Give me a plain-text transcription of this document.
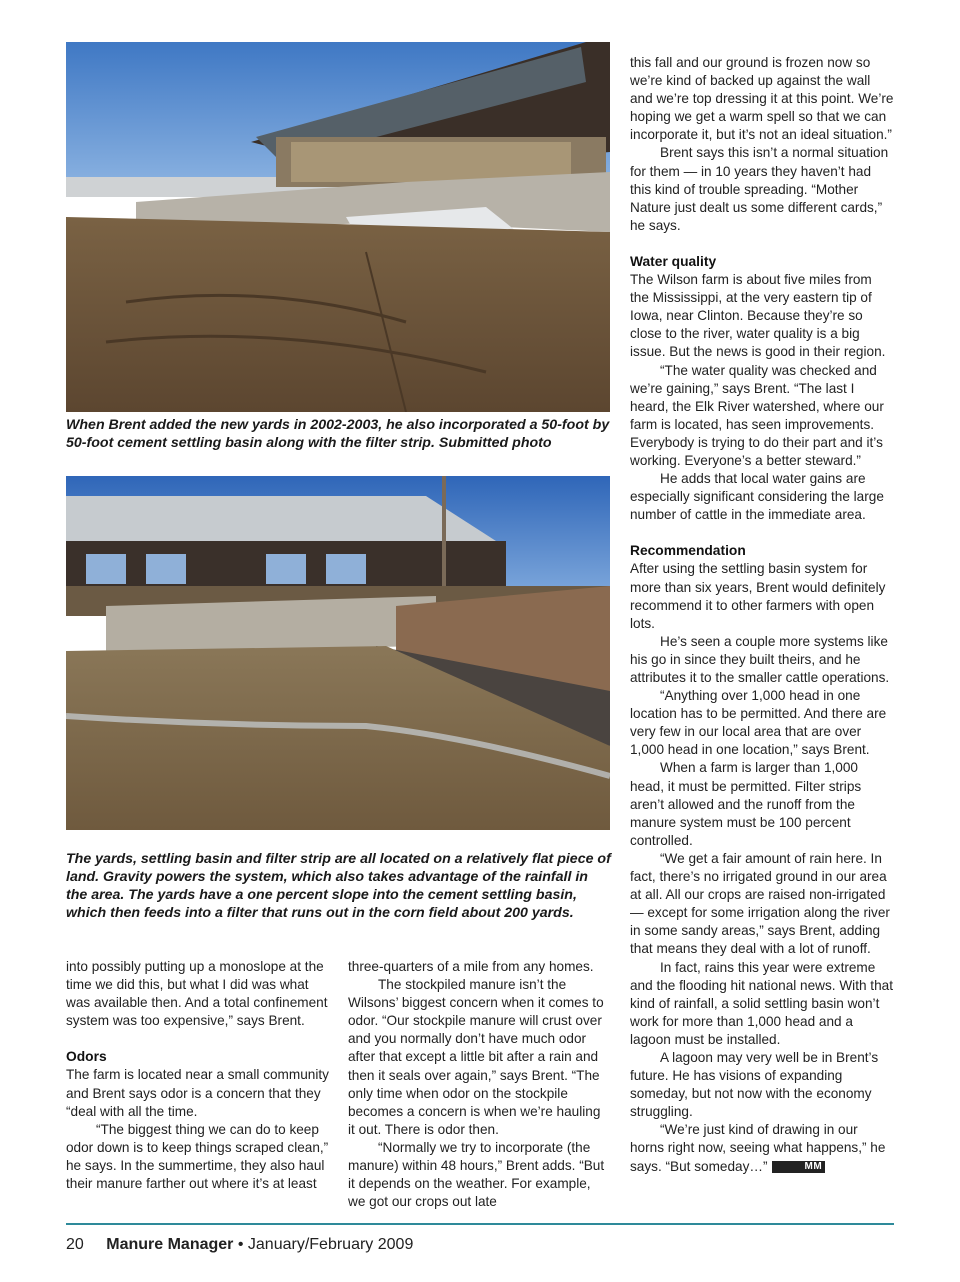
When Brent added the new yards in 2002-2003, he also incorporated a 50-foot by 50-foot cement settling basin along with the filter strip. Submitted photo

The yards, settling basin and filter strip are all located on a relatively flat piece of land. Gravity powers the system, which also takes advantage of the rainfall in the area. The yards have a one percent slope into the cement settling basin, which then feeds into a filter that runs out in the corn field about 200 yards.

into possibly putting up a monoslope at the time we did this, but what I did was what was available then. And a total confinement system was too expensive,” says Brent.

Odors

The farm is located near a small community and Brent says odor is a concern that they “deal with all the time.

“The biggest thing we can do to keep odor down is to keep things scraped clean,” he says. In the summertime, they also haul their manure farther out where it’s at least

three-quarters of a mile from any homes.

The stockpiled manure isn’t the Wilsons’ biggest concern when it comes to odor. “Our stockpile manure will crust over and you normally don’t have much odor after that except a little bit after a rain and then it seals over again,” says Brent. “The only time when odor on the stockpile becomes a concern is when we’re hauling it out. There is odor then.

“Normally we try to incorporate (the manure) within 48 hours,” Brent adds. “But it depends on the weather. For example, we got our crops out late

this fall and our ground is frozen now so we’re kind of backed up against the wall and we’re top dressing it at this point. We’re hoping we get a warm spell so that we can incorporate it, but it’s not an ideal situation.”

Brent says this isn’t a normal situation for them — in 10 years they haven’t had this kind of trouble spreading. “Mother Nature just dealt us some different cards,” he says.

Water quality

The Wilson farm is about five miles from the Mississippi, at the very eastern tip of Iowa, near Clinton. Because they’re so close to the river, water quality is a big issue. But the news is good in their region.

“The water quality was checked and we’re gaining,” says Brent. “The last I heard, the Elk River watershed, where our farm is located, has seen improvements. Everybody is trying to do their part and it’s working. Everyone’s a better steward.”

He adds that local water gains are especially significant considering the large number of cattle in the immediate area.

Recommendation

After using the settling basin system for more than six years, Brent would definitely recommend it to other farmers with open lots.

He’s seen a couple more systems like his go in since they built theirs, and he attributes it to the smaller cattle operations.

“Anything over 1,000 head in one location has to be permitted. And there are very few in our local area that are over 1,000 head in one location,” says Brent.

When a farm is larger than 1,000 head, it must be permitted. Filter strips aren’t allowed and the runoff from the manure system must be 100 percent controlled.

“We get a fair amount of rain here. In fact, there’s no irrigated ground in our area at all. All our crops are raised non-irrigated — except for some irrigation along the river in some sandy areas,” says Brent, adding that means they deal with a lot of runoff.

In fact, rains this year were extreme and the flooding hit national news. With that kind of rainfall, a solid settling basin won’t work for more than 1,000 head and a lagoon must be installed.

A lagoon may very well be in Brent’s future. He has visions of expanding someday, but not now with the economy struggling.

“We’re just kind of drawing in our horns right now, seeing what happens,” he says. “But someday…”	MM

20 Manure Manager • January/February 2009
